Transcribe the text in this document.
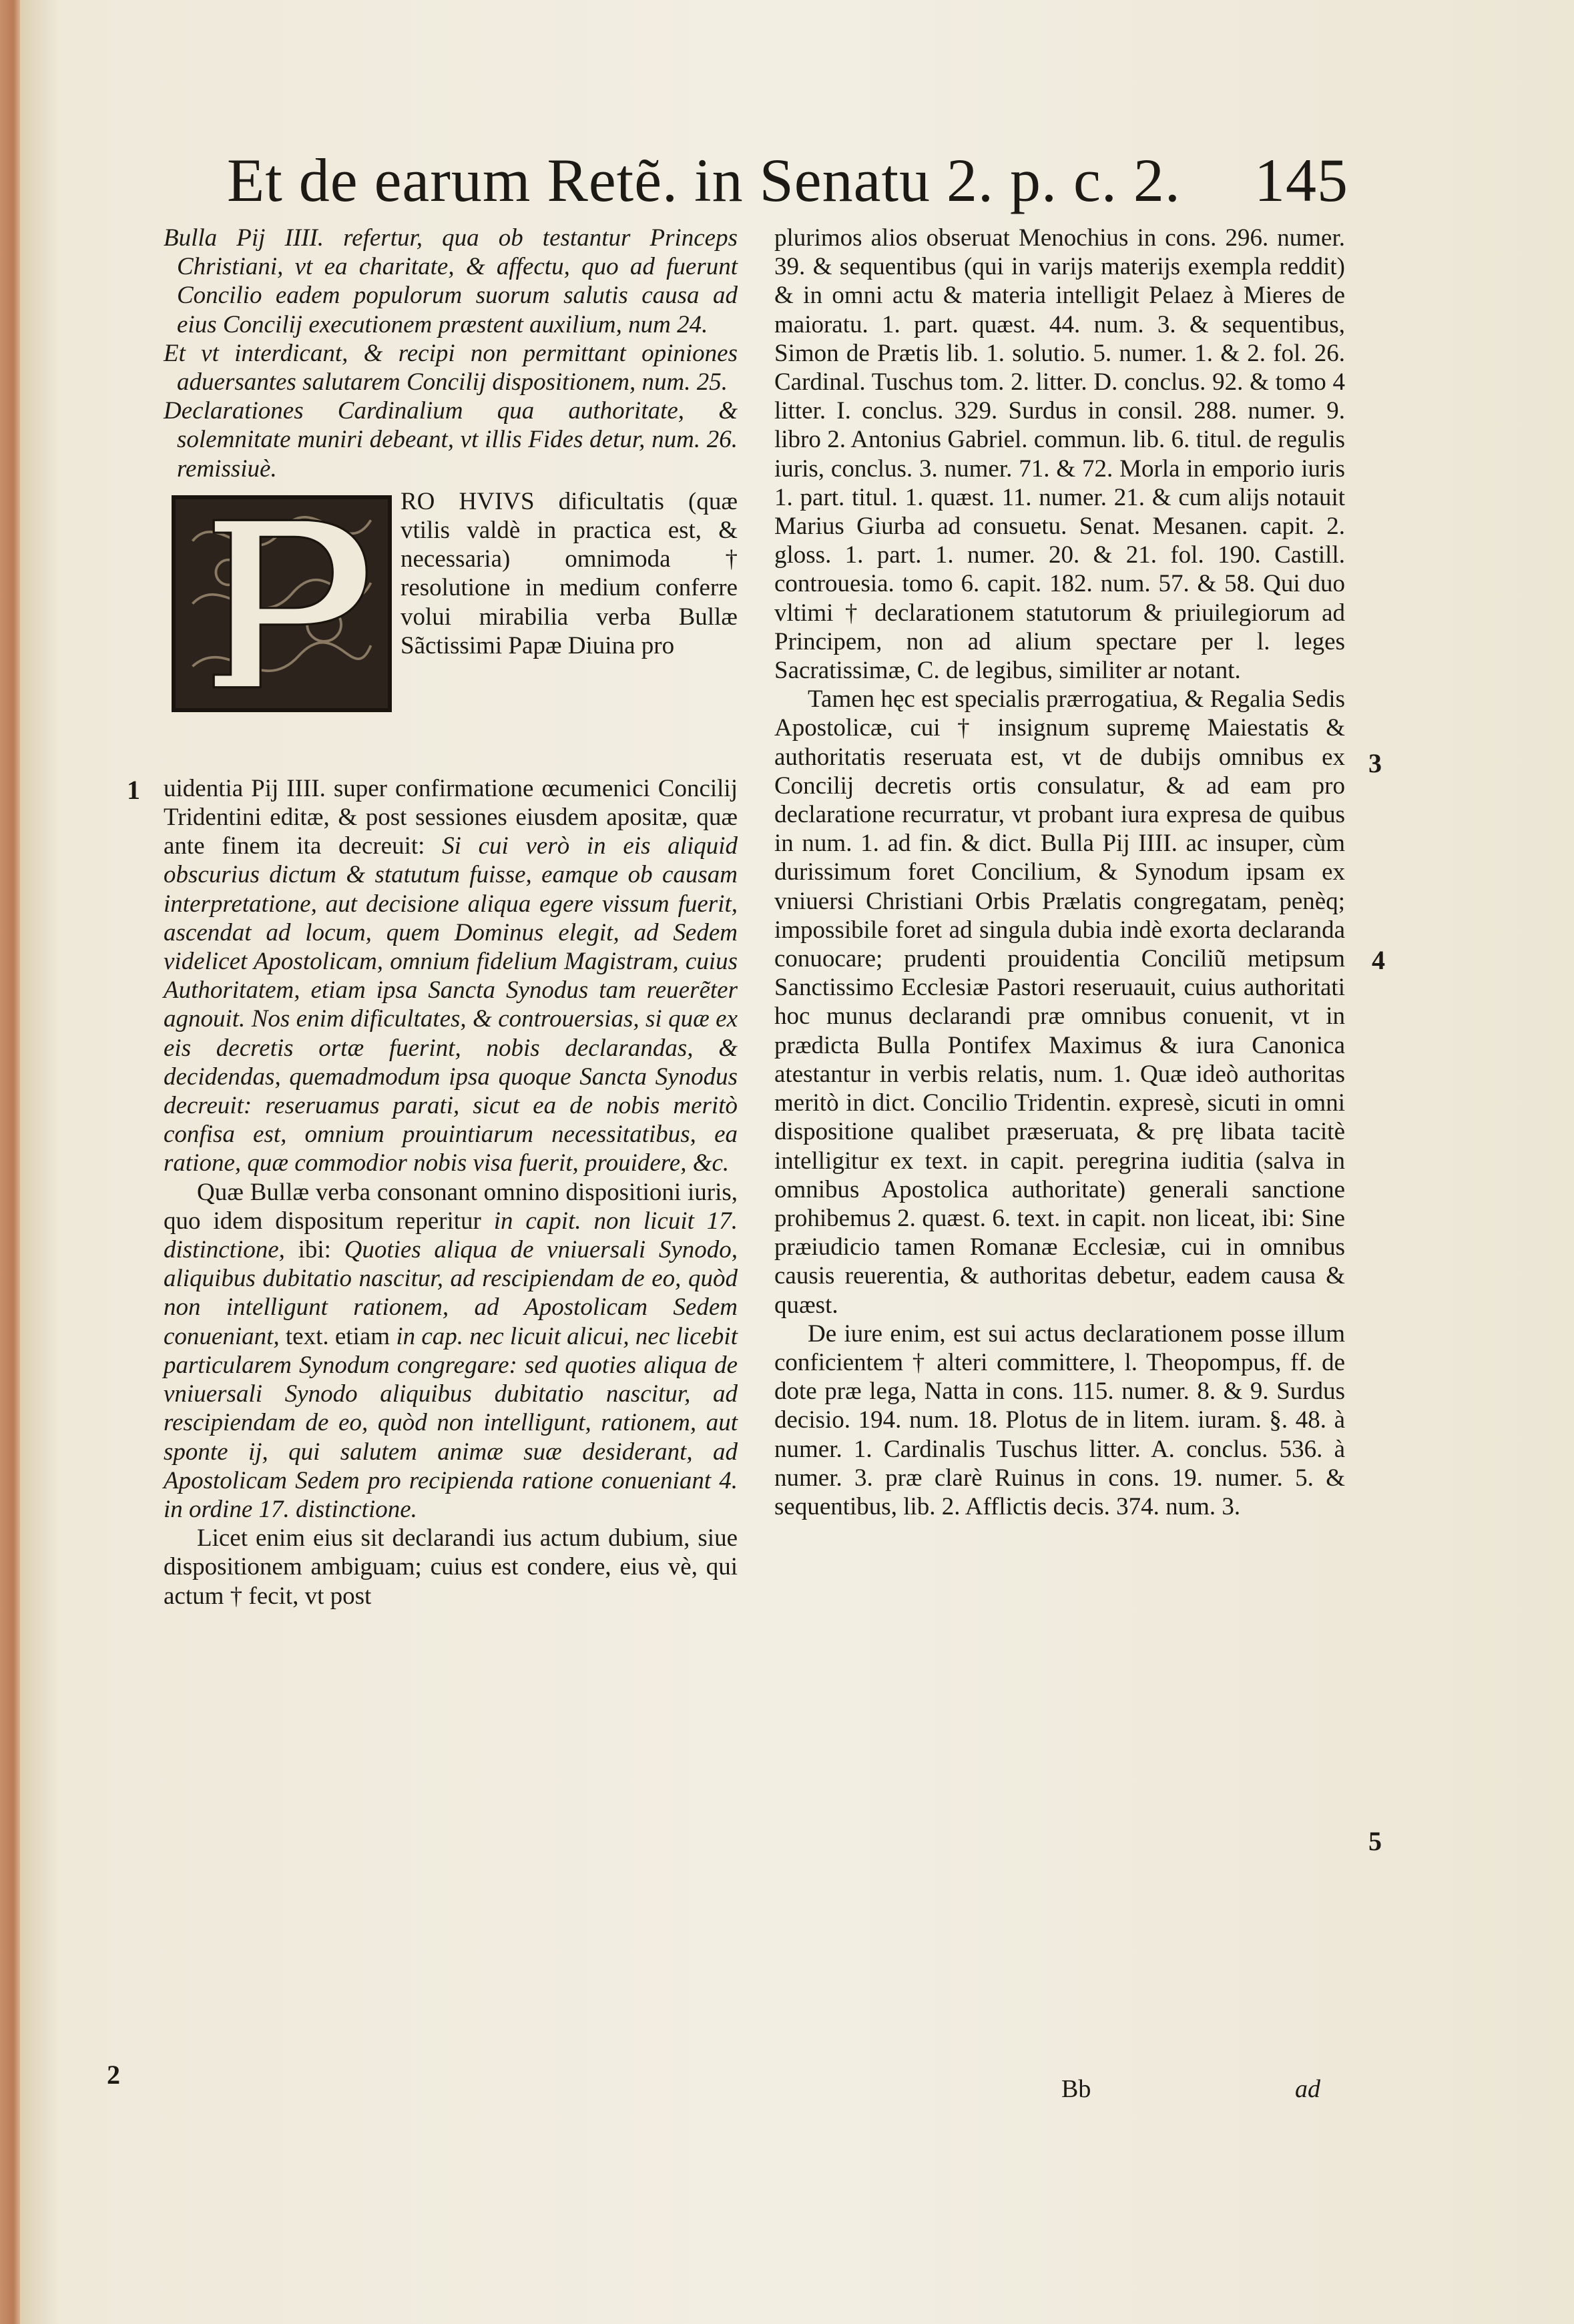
Et de earum Retẽ. in Senatu 2. p. c. 2. 145

Bulla Pij IIII. refertur, qua ob testantur Princeps Christiani, vt ea charitate, & affectu, quo ad fuerunt Concilio eadem populorum suorum salutis causa ad eius Concilij executionem præstent auxilium, num 24.

Et vt interdicant, & recipi non permittant opiniones aduersantes salutarem Concilij dispositionem, num. 25.

Declarationes Cardinalium qua authoritate, & solemnitate muniri debeant, vt illis Fides detur, num. 26. remissiuè.

RO HVIVS dificultatis (quæ vtilis valdè in practica est, & necessaria) omnimoda † resolutione in medium conferre volui mirabilia verba Bullæ Sãctissimi Papæ Diuina pro

uidentia Pij IIII. super confirmatione œcumenici Concilij Tridentini editæ, & post sessiones eiusdem apositæ, quæ ante finem ita decreuit: Si cui verò in eis aliquid obscurius dictum & statutum fuisse, eamque ob causam interpretatione, aut decisione aliqua egere vissum fuerit, ascendat ad locum, quem Dominus elegit, ad Sedem videlicet Apostolicam, omnium fidelium Magistram, cuius Authoritatem, etiam ipsa Sancta Synodus tam reuerẽter agnouit. Nos enim dificultates, & controuersias, si quæ ex eis decretis ortæ fuerint, nobis declarandas, & decidendas, quemadmodum ipsa quoque Sancta Synodus decreuit: reseruamus parati, sicut ea de nobis meritò confisa est, omnium prouintiarum necessitatibus, ea ratione, quæ commodior nobis visa fuerit, prouidere, &c.

Quæ Bullæ verba consonant omnino dispositioni iuris, quo idem dispositum reperitur in capit. non licuit 17. distinctione, ibi: Quoties aliqua de vniuersali Synodo, aliquibus dubitatio nascitur, ad rescipiendam de eo, quòd non intelligunt rationem, ad Apostolicam Sedem conueniant, text. etiam in cap. nec licuit alicui, nec licebit particularem Synodum congregare: sed quoties aliqua de vniuersali Synodo aliquibus dubitatio nascitur, ad rescipiendam de eo, quòd non intelligunt, rationem, aut sponte ij, qui salutem animæ suæ desiderant, ad Apostolicam Sedem pro recipienda ratione conueniant 4. in ordine 17. distinctione.

Licet enim eius sit declarandi ius actum dubium, siue dispositionem ambiguam; cuius est condere, eius vè, qui actum † fecit, vt post

plurimos alios obseruat Menochius in cons. 296. numer. 39. & sequentibus (qui in varijs materijs exempla reddit) & in omni actu & materia intelligit Pelaez à Mieres de maioratu. 1. part. quæst. 44. num. 3. & sequentibus, Simon de Prætis lib. 1. solutio. 5. numer. 1. & 2. fol. 26. Cardinal. Tuschus tom. 2. litter. D. conclus. 92. & tomo 4 litter. I. conclus. 329. Surdus in consil. 288. numer. 9. libro 2. Antonius Gabriel. commun. lib. 6. titul. de regulis iuris, conclus. 3. numer. 71. & 72. Morla in emporio iuris 1. part. titul. 1. quæst. 11. numer. 21. & cum alijs notauit Marius Giurba ad consuetu. Senat. Mesanen. capit. 2. gloss. 1. part. 1. numer. 20. & 21. fol. 190. Castill. controuesia. tomo 6. capit. 182. num. 57. & 58. Qui duo vltimi † declarationem statutorum & priuilegiorum ad Principem, non ad alium spectare per l. leges Sacratissimæ, C. de legibus, similiter ar notant.

Tamen hęc est specialis prærrogatiua, & Regalia Sedis Apostolicæ, cui † insignum supremę Maiestatis & authoritatis reseruata est, vt de dubijs omnibus ex Concilij decretis ortis consulatur, & ad eam pro declaratione recurratur, vt probant iura expresa de quibus in num. 1. ad fin. & dict. Bulla Pij IIII. ac insuper, cùm durissimum foret Concilium, & Synodum ipsam ex vniuersi Christiani Orbis Prælatis congregatam, penèq; impossibile foret ad singula dubia indè exorta declaranda conuocare; prudenti prouidentia Conciliũ metipsum Sanctissimo Ecclesiæ Pastori reseruauit, cuius authoritati hoc munus declarandi præ omnibus conuenit, vt in prædicta Bulla Pontifex Maximus & iura Canonica atestantur in verbis relatis, num. 1. Quæ ideò authoritas meritò in dict. Concilio Tridentin. expresè, sicuti in omni dispositione qualibet præseruata, & prę libata tacitè intelligitur ex text. in capit. peregrina iuditia (salva in omnibus Apostolica authoritate) generali sanctione prohibemus 2. quæst. 6. text. in capit. non liceat, ibi: Sine præiudicio tamen Romanæ Ecclesiæ, cui in omnibus causis reuerentia, & authoritas debetur, eadem causa & quæst.

De iure enim, est sui actus declarationem posse illum conficientem † alteri committere, l. Theopompus, ff. de dote præ lega, Natta in cons. 115. numer. 8. & 9. Surdus decisio. 194. num. 18. Plotus de in litem. iuram. §. 48. à numer. 1. Cardinalis Tuschus litter. A. conclus. 536. à numer. 3. præ clarè Ruinus in cons. 19. numer. 5. & sequentibus, lib. 2. Afflictis decis. 374. num. 3.

1
2
3
4
5
Bb	ad
